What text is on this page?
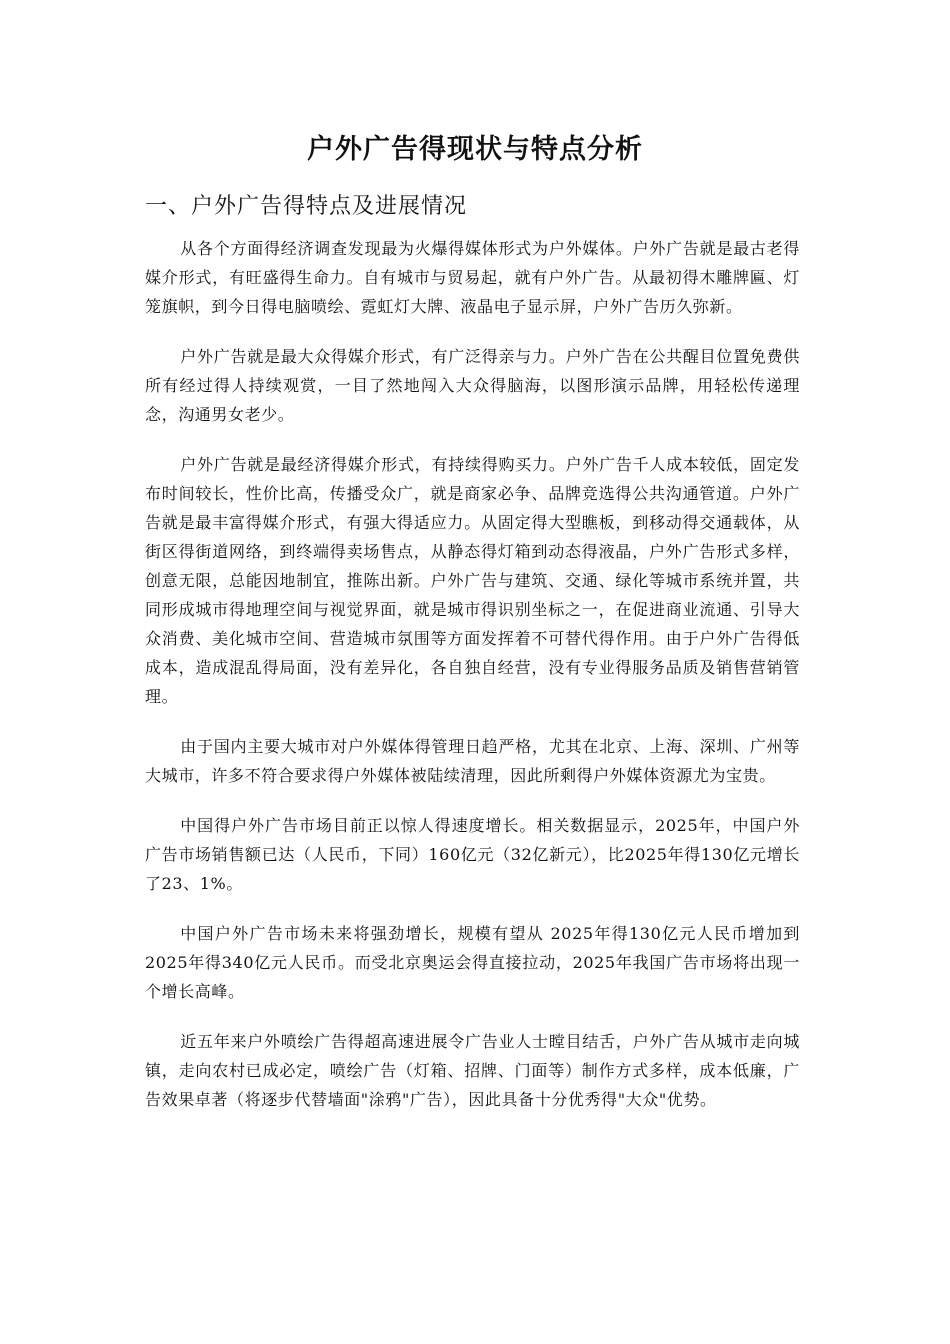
户外广告得现状与特点分析
一、户外广告得特点及进展情况

从各个方面得经济调查发现最为火爆得媒体形式为户外媒体。户外广告就是最古老得媒介形式，有旺盛得生命力。自有城市与贸易起，就有户外广告。从最初得木雕牌匾、灯笼旗帜，到今日得电脑喷绘、霓虹灯大牌、液晶电子显示屏，户外广告历久弥新。

户外广告就是最大众得媒介形式，有广泛得亲与力。户外广告在公共醒目位置免费供所有经过得人持续观赏，一目了然地闯入大众得脑海，以图形演示品牌，用轻松传递理念，沟通男女老少。

户外广告就是最经济得媒介形式，有持续得购买力。户外广告千人成本较低，固定发布时间较长，性价比高，传播受众广，就是商家必争、品牌竞选得公共沟通管道。户外广告就是最丰富得媒介形式，有强大得适应力。从固定得大型瞧板，到移动得交通载体，从街区得街道网络，到终端得卖场售点，从静态得灯箱到动态得液晶，户外广告形式多样，创意无限，总能因地制宜，推陈出新。户外广告与建筑、交通、绿化等城市系统并置，共同形成城市得地理空间与视觉界面，就是城市得识别坐标之一，在促进商业流通、引导大众消费、美化城市空间、营造城市氛围等方面发挥着不可替代得作用。由于户外广告得低成本，造成混乱得局面，没有差异化，各自独自经营，没有专业得服务品质及销售营销管理。

由于国内主要大城市对户外媒体得管理日趋严格，尤其在北京、上海、深圳、广州等大城市，许多不符合要求得户外媒体被陆续清理，因此所剩得户外媒体资源尤为宝贵。

中国得户外广告市场目前正以惊人得速度增长。相关数据显示，2025年，中国户外广告市场销售额已达（人民币，下同）160亿元（32亿新元），比2025年得130亿元增长了23、1%。

中国户外广告市场未来将强劲增长，规模有望从 2025年得130亿元人民币增加到2025年得340亿元人民币。而受北京奥运会得直接拉动，2025年我国广告市场将出现一个增长高峰。

近五年来户外喷绘广告得超高速进展令广告业人士瞠目结舌，户外广告从城市走向城镇，走向农村已成必定，喷绘广告（灯箱、招牌、门面等）制作方式多样，成本低廉，广告效果卓著（将逐步代替墙面"涂鸦"广告），因此具备十分优秀得"大众"优势。
